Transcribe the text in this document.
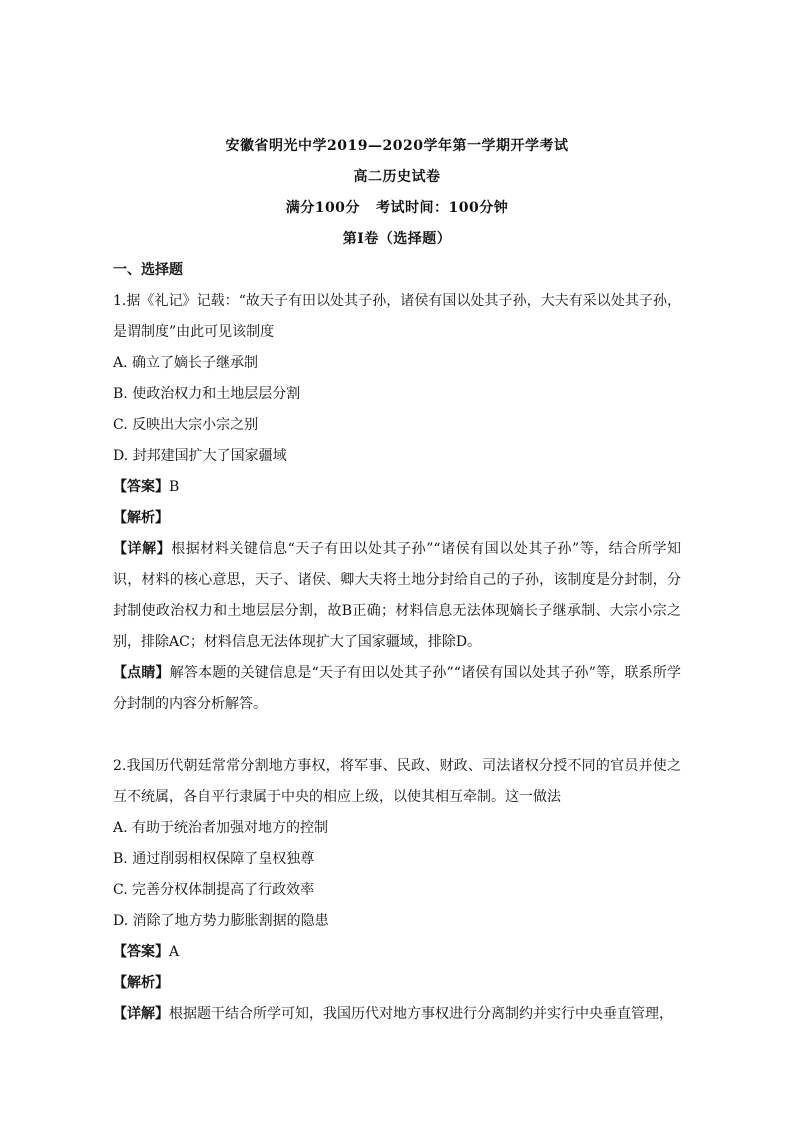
安徽省明光中学2019—2020学年第一学期开学考试
高二历史试卷
满分100分   考试时间：100分钟
第Ⅰ卷（选择题）
一、选择题

1.据《礼记》记载：“故天子有田以处其子孙，诸侯有国以处其子孙，大夫有采以处其子孙，是谓制度”由此可见该制度

A. 确立了嫡长子继承制
B. 使政治权力和土地层层分割
C. 反映出大宗小宗之别
D. 封邦建国扩大了国家疆域
【答案】B
【解析】

【详解】根据材料关键信息“天子有田以处其子孙”“诸侯有国以处其子孙”等，结合所学知识，材料的核心意思，天子、诸侯、卿大夫将土地分封给自己的子孙，该制度是分封制，分封制使政治权力和土地层层分割，故B正确；材料信息无法体现嫡长子继承制、大宗小宗之别，排除AC；材料信息无法体现扩大了国家疆域，排除D。

【点睛】解答本题的关键信息是“天子有田以处其子孙”“诸侯有国以处其子孙”等，联系所学分封制的内容分析解答。

2.我国历代朝廷常常分割地方事权，将军事、民政、财政、司法诸权分授不同的官员并使之互不统属，各自平行隶属于中央的相应上级，以使其相互牵制。这一做法

A. 有助于统治者加强对地方的控制
B. 通过削弱相权保障了皇权独尊
C. 完善分权体制提高了行政效率
D. 消除了地方势力膨胀割据的隐患
【答案】A
【解析】

【详解】根据题干结合所学可知，我国历代对地方事权进行分离制约并实行中央垂直管理，
